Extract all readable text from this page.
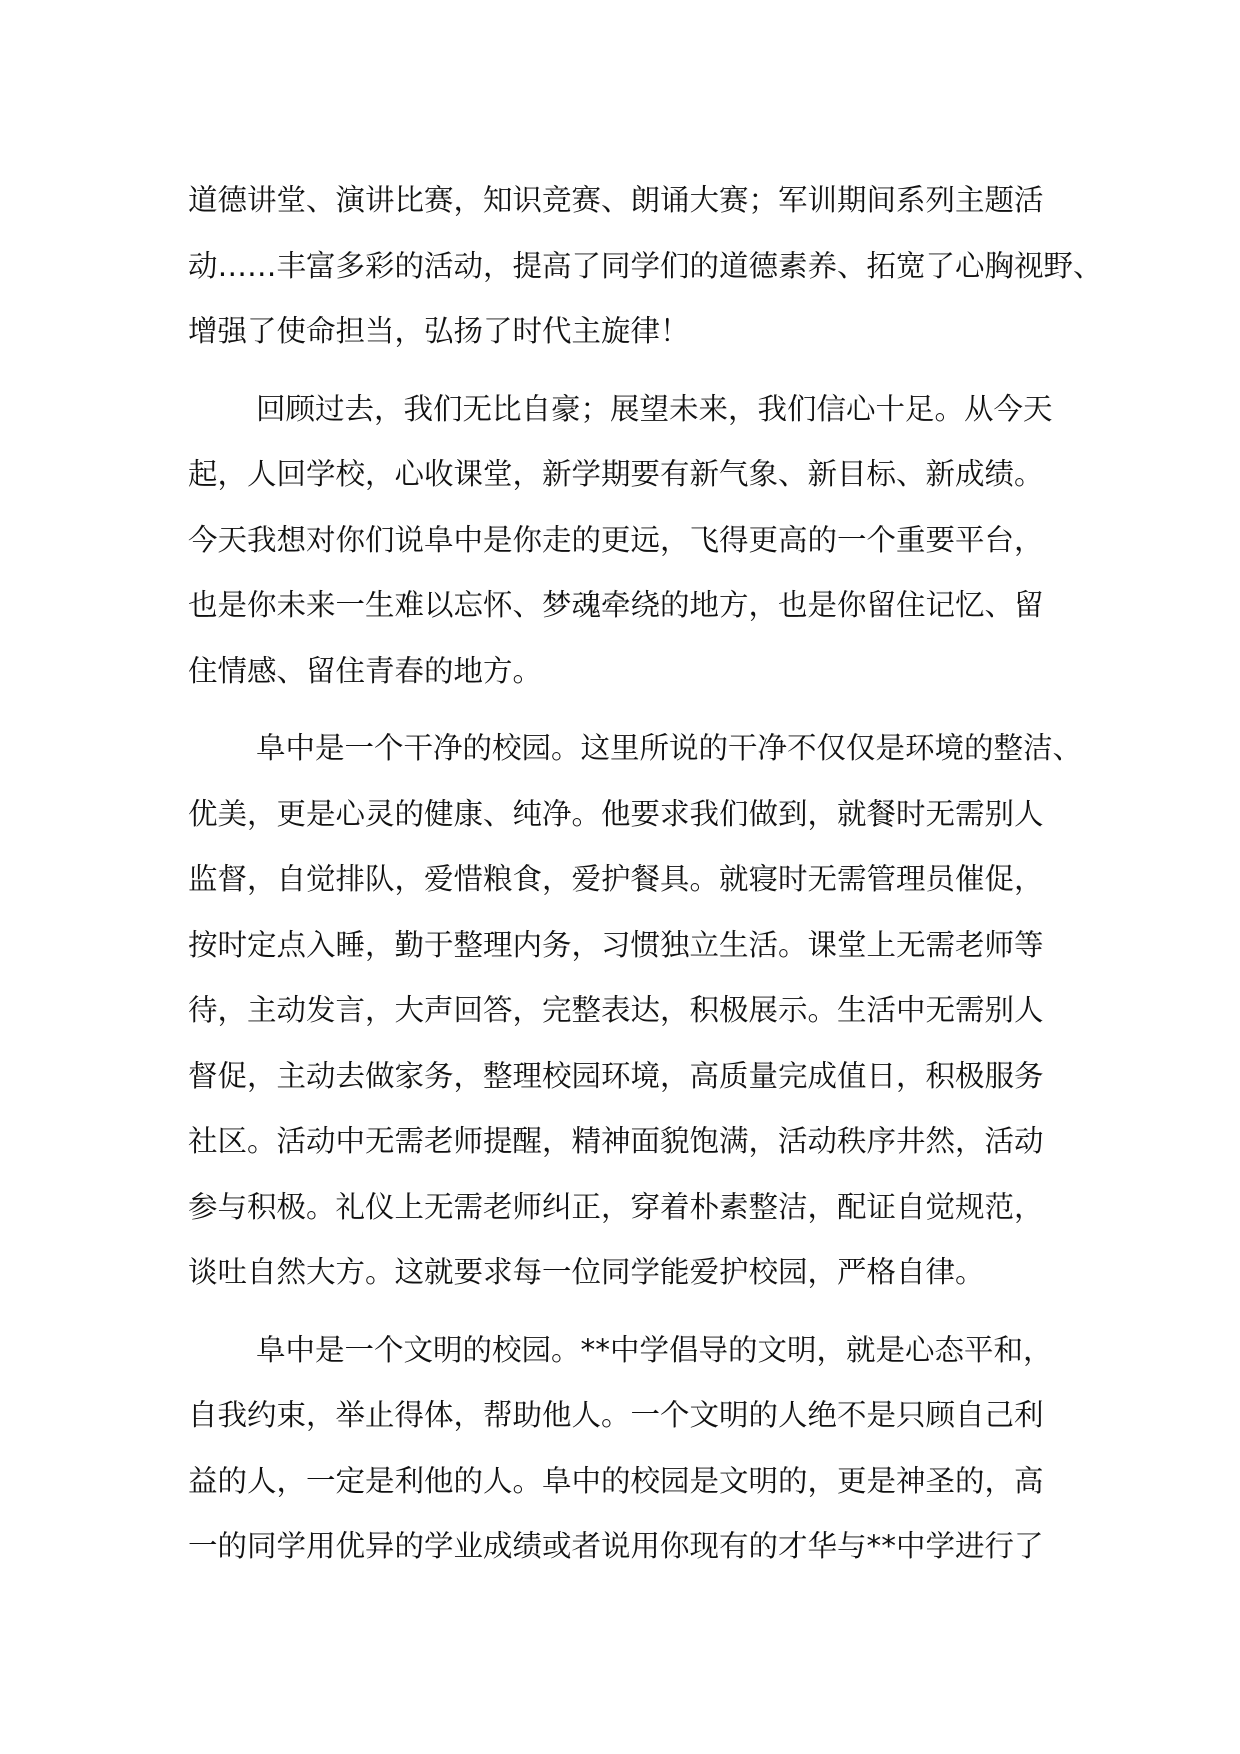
道德讲堂、演讲比赛，知识竞赛、朗诵大赛；军训期间系列主题活
动……丰富多彩的活动，提高了同学们的道德素养、拓宽了心胸视野、
增强了使命担当，弘扬了时代主旋律！
回顾过去，我们无比自豪；展望未来，我们信心十足。从今天
起，人回学校，心收课堂，新学期要有新气象、新目标、新成绩。
今天我想对你们说阜中是你走的更远，飞得更高的一个重要平台，
也是你未来一生难以忘怀、梦魂牵绕的地方，也是你留住记忆、留
住情感、留住青春的地方。
阜中是一个干净的校园。这里所说的干净不仅仅是环境的整洁、
优美，更是心灵的健康、纯净。他要求我们做到，就餐时无需别人
监督，自觉排队，爱惜粮食，爱护餐具。就寝时无需管理员催促，
按时定点入睡，勤于整理内务，习惯独立生活。课堂上无需老师等
待，主动发言，大声回答，完整表达，积极展示。生活中无需别人
督促，主动去做家务，整理校园环境，高质量完成值日，积极服务
社区。活动中无需老师提醒，精神面貌饱满，活动秩序井然，活动
参与积极。礼仪上无需老师纠正，穿着朴素整洁，配证自觉规范，
谈吐自然大方。这就要求每一位同学能爱护校园，严格自律。
阜中是一个文明的校园。**中学倡导的文明，就是心态平和，
自我约束，举止得体，帮助他人。一个文明的人绝不是只顾自己利
益的人，一定是利他的人。阜中的校园是文明的，更是神圣的，高
一的同学用优异的学业成绩或者说用你现有的才华与**中学进行了
